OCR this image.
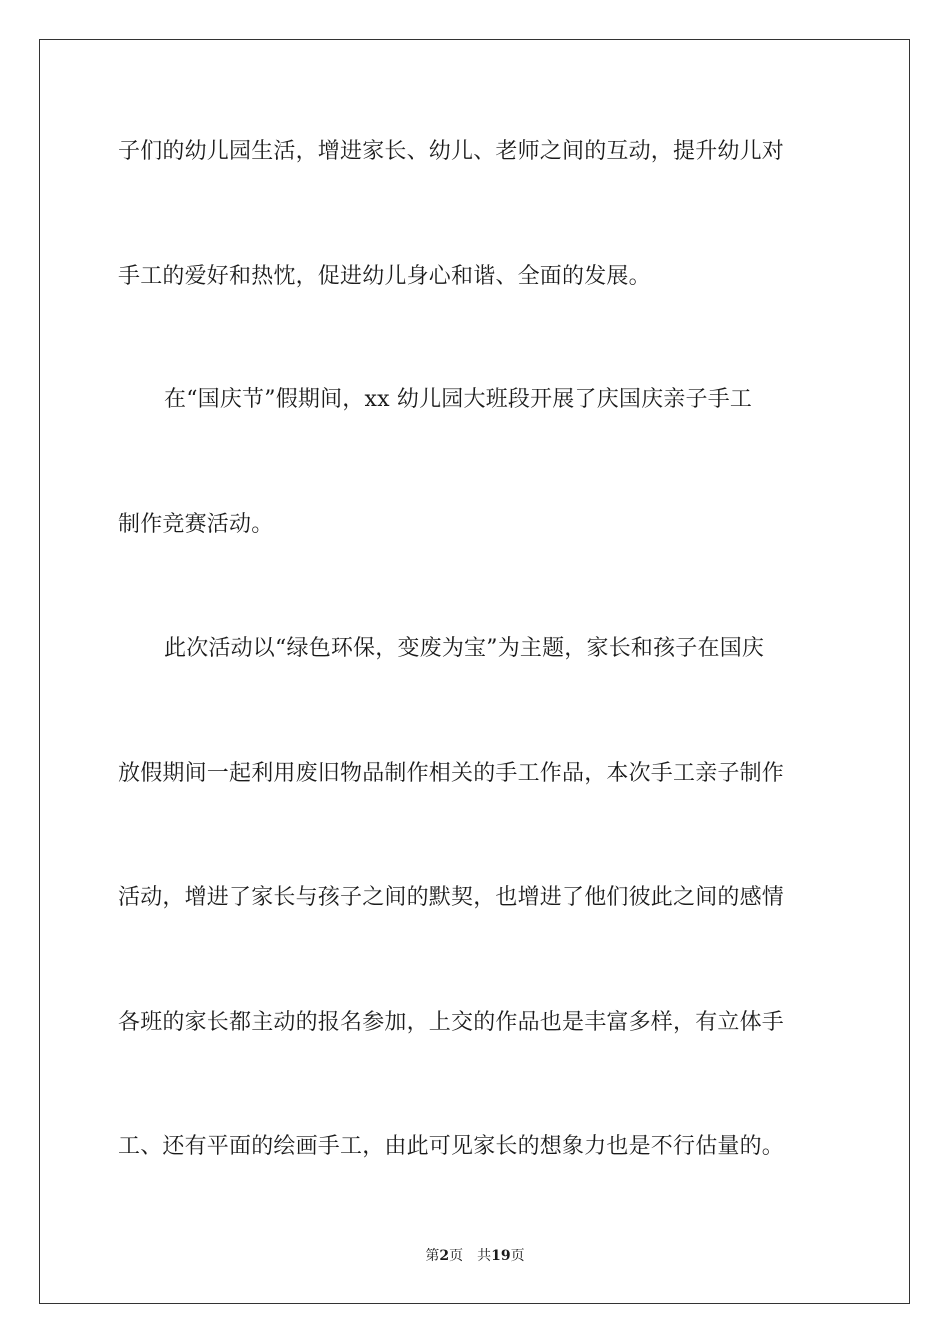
子们的幼儿园生活，增进家长、幼儿、老师之间的互动，提升幼儿对
手工的爱好和热忱，促进幼儿身心和谐、全面的发展。
在“国庆节”假期间，xx 幼儿园大班段开展了庆国庆亲子手工
制作竞赛活动。
此次活动以“绿色环保，变废为宝”为主题，家长和孩子在国庆
放假期间一起利用废旧物品制作相关的手工作品，本次手工亲子制作
活动，增进了家长与孩子之间的默契，也增进了他们彼此之间的感情
各班的家长都主动的报名参加，上交的作品也是丰富多样，有立体手
工、还有平面的绘画手工，由此可见家长的想象力也是不行估量的。
第2页 共19页
